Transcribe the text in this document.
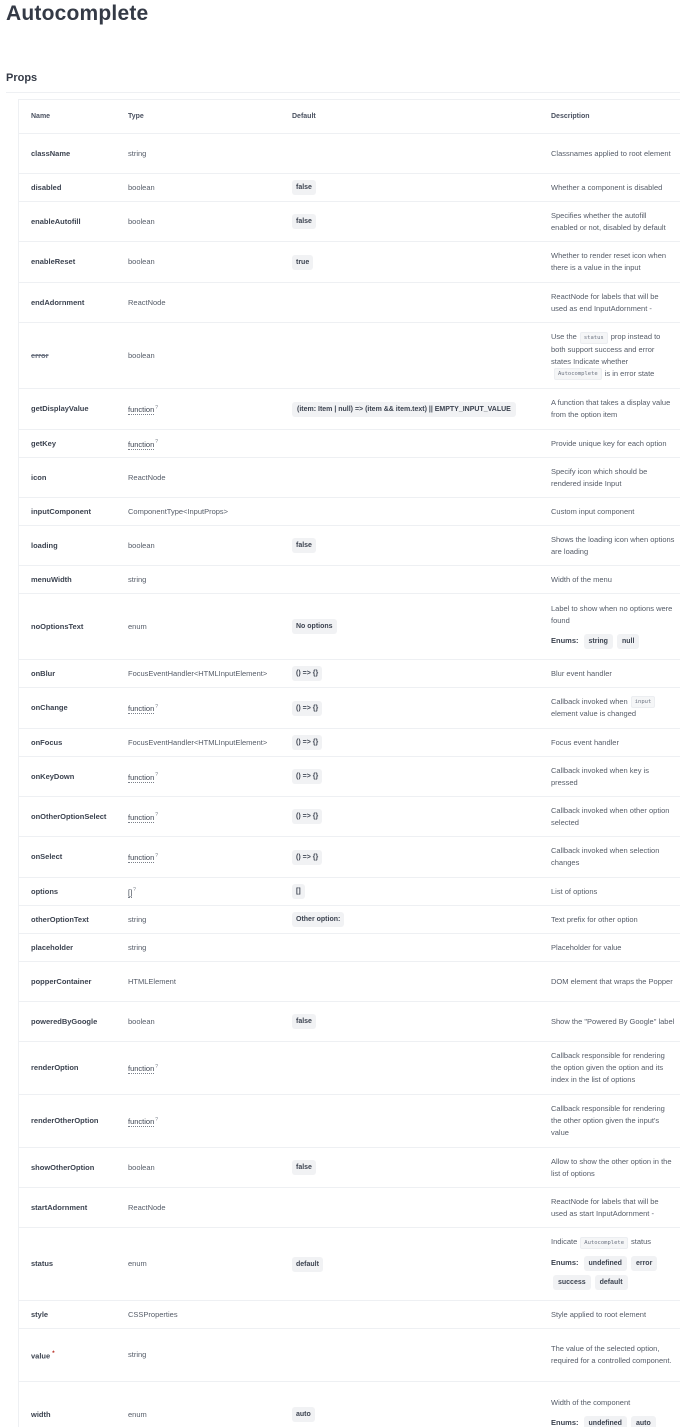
Autocomplete
Props
Name	Type	Default	Description
className	string		Classnames applied to root element

disabled	boolean	false	Whether a component is disabled

enableAutofill	boolean	false	Specifies whether the autofill enabled or not, disabled by default

enableReset	boolean	true	Whether to render reset icon when there is a value in the input

endAdornment	ReactNode		ReactNode for labels that will be used as end InputAdornment -

error	boolean		Use the status prop instead to both support success and error states Indicate whetherAutocomplete is in error state

getDisplayValue	function?	(item: Item | null) => (item && item.text) || EMPTY_INPUT_VALUE	A function that takes a display value from the option item

getKey	function?		Provide unique key for each option

icon	ReactNode		Specify icon which should be rendered inside Input

inputComponent	ComponentType<InputProps>		Custom input component

loading	boolean	false	Shows the loading icon when options are loading

menuWidth	string		Width of the menu

noOptionsText	enum	No options	Label to show when no options were found
Enums: string null

onBlur	FocusEventHandler<HTMLInputElement>	() => {}	Blur event handler

onChange	function?	() => {}	Callback invoked when inputelement value is changed

onFocus	FocusEventHandler<HTMLInputElement>	() => {}	Focus event handler

onKeyDown	function?	() => {}	Callback invoked when key is pressed

onOtherOptionSelect	function?	() => {}	Callback invoked when other option selected

onSelect	function?	() => {}	Callback invoked when selection changes

options	[]?	[]	List of options

otherOptionText	string	Other option:	Text prefix for other option

placeholder	string		Placeholder for value

popperContainer	HTMLElement		DOM element that wraps the Popper

poweredByGoogle	boolean	false	Show the "Powered By Google" label

renderOption	function?		Callback responsible for rendering the option given the option and its index in the list of options

renderOtherOption	function?		Callback responsible for rendering the other option given the input's value

showOtherOption	boolean	false	Allow to show the other option in the list of options

startAdornment	ReactNode		ReactNode for labels that will be used as start InputAdornment -

status	enum	default	Indicate Autocomplete status
Enums: undefined errorsuccess default

style	CSSProperties		Style applied to root element

value *	string		The value of the selected option, required for a controlled component.

width	enum	auto	Width of the component
Enums: undefined auto
